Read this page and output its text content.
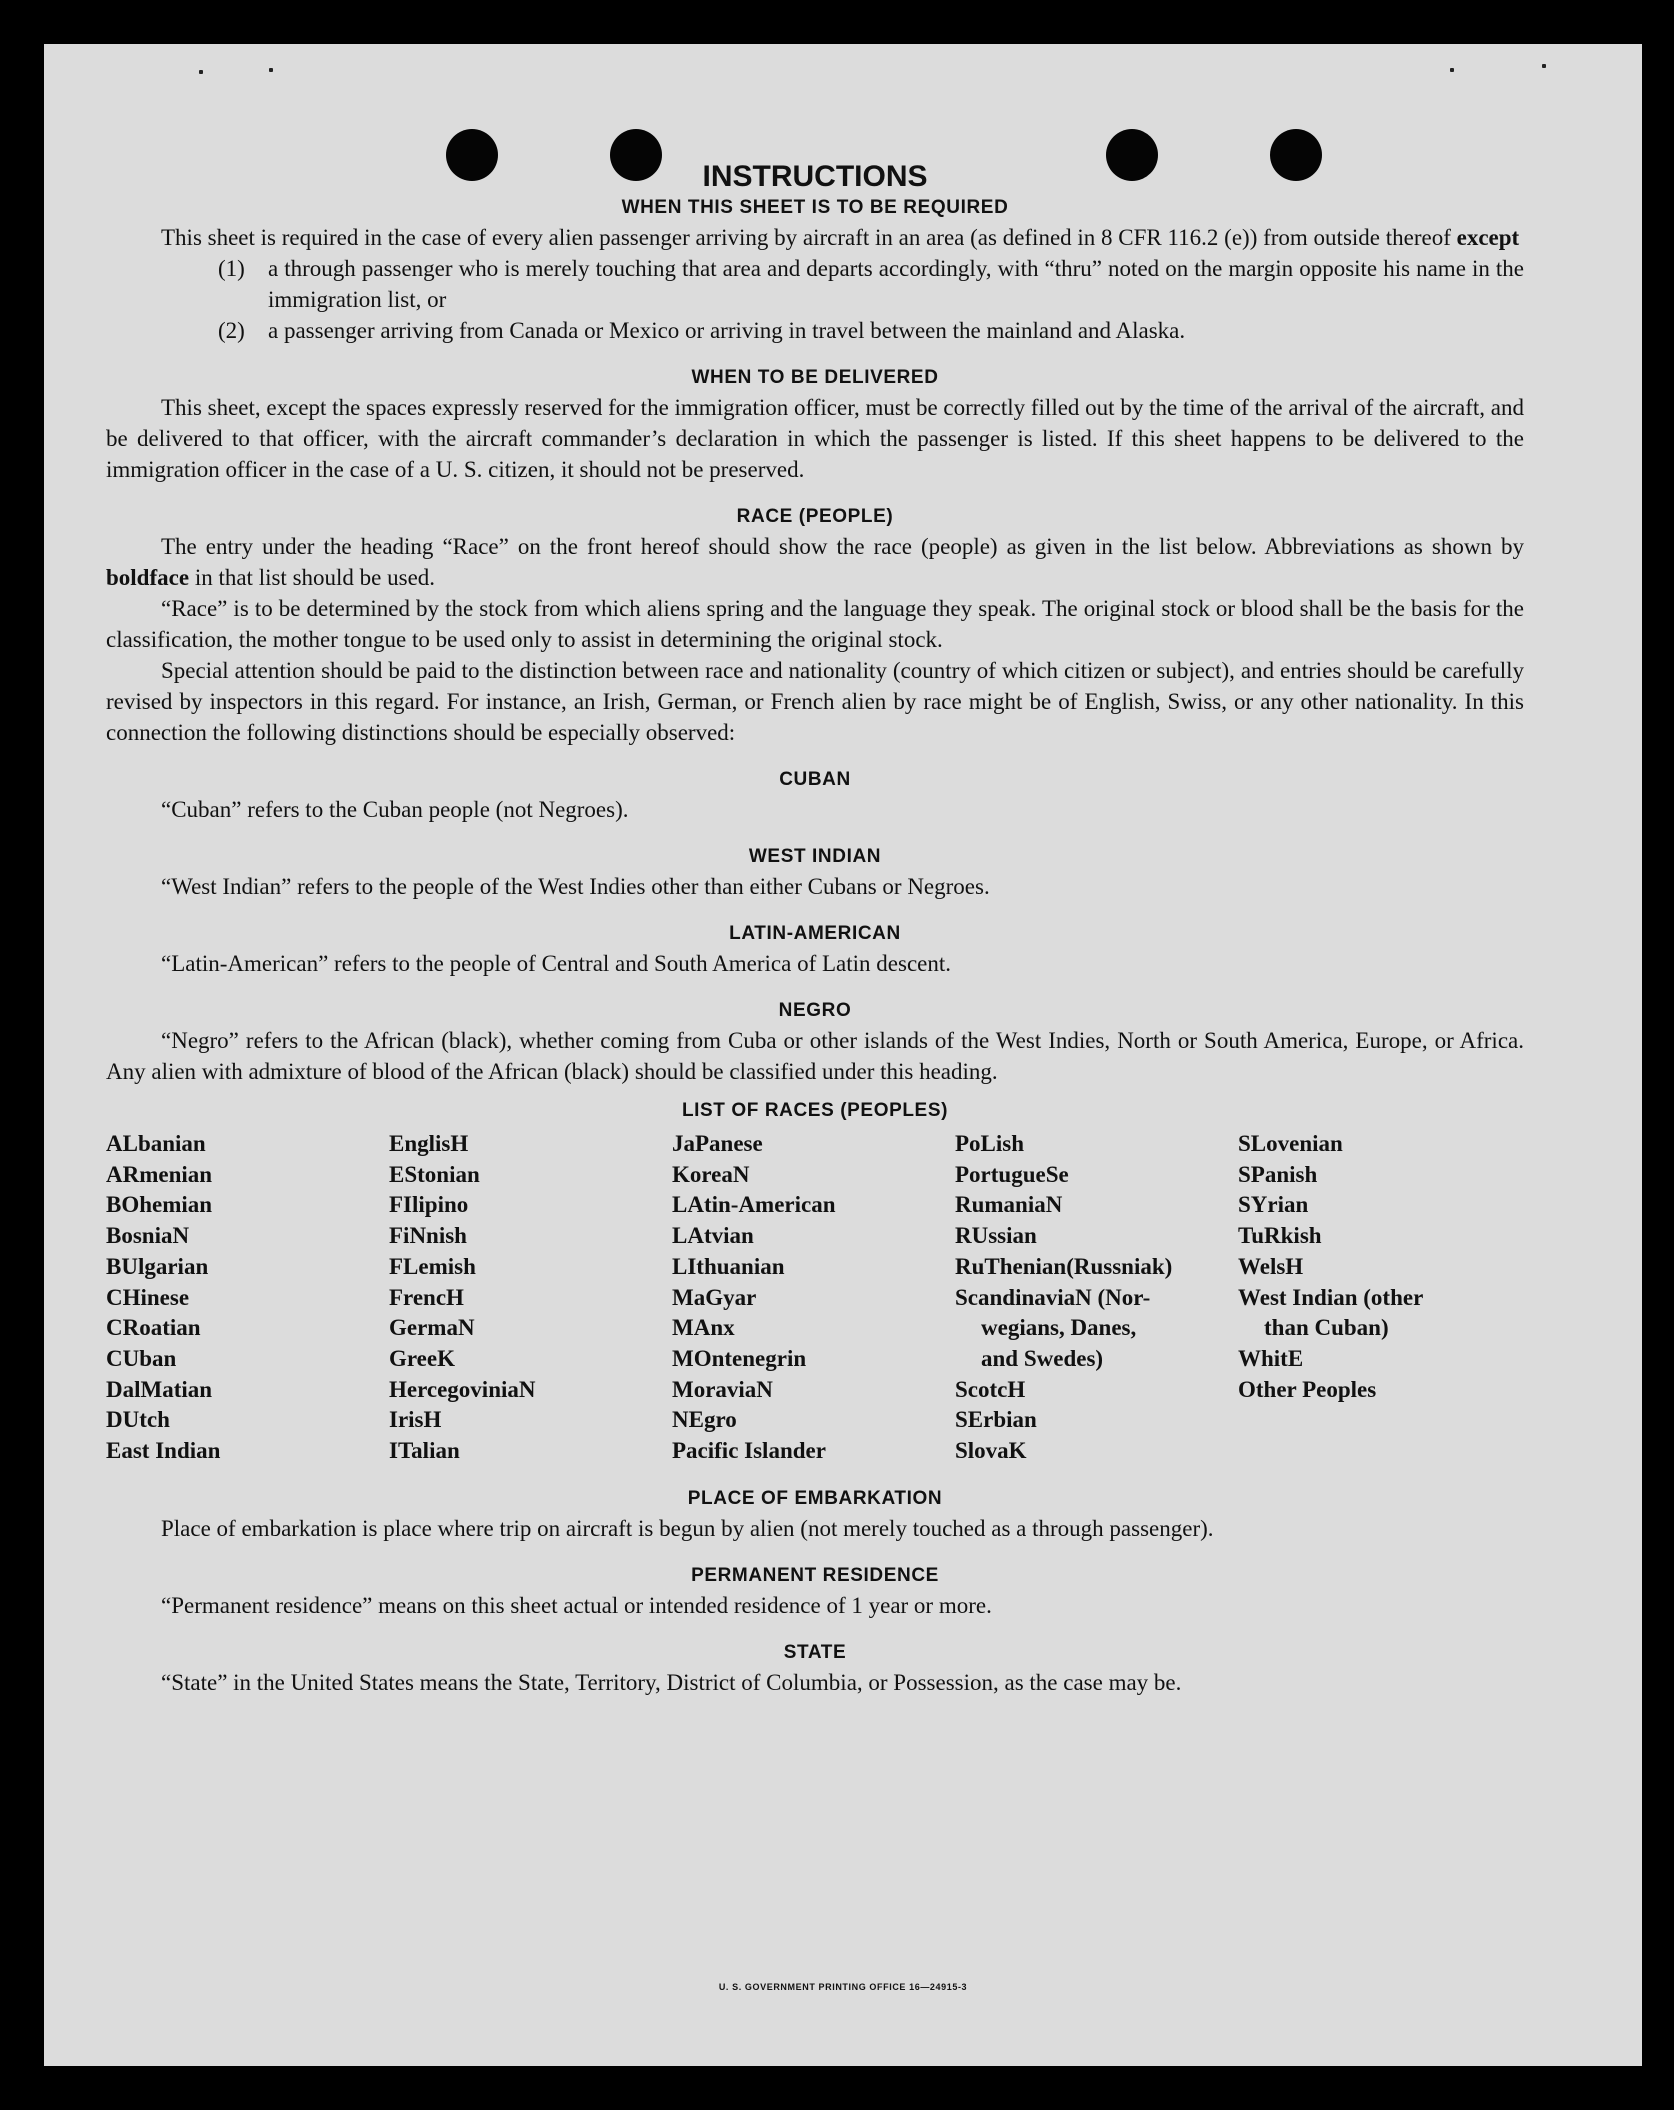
INSTRUCTIONS
WHEN THIS SHEET IS TO BE REQUIRED

This sheet is required in the case of every alien passenger arriving by aircraft in an area (as defined in 8 CFR 116.2 (e)) from outside thereof except

(1)	a through passenger who is merely touching that area and departs accordingly, with “thru” noted on the margin opposite his name in the immigration list, or
(2)	a passenger arriving from Canada or Mexico or arriving in travel between the mainland and Alaska.
WHEN TO BE DELIVERED

This sheet, except the spaces expressly reserved for the immigration officer, must be correctly filled out by the time of the arrival of the aircraft, and be delivered to that officer, with the aircraft commander’s declaration in which the passenger is listed. If this sheet happens to be delivered to the immigration officer in the case of a U. S. citizen, it should not be preserved.

RACE (PEOPLE)

The entry under the heading “Race” on the front hereof should show the race (people) as given in the list below. Abbreviations as shown by boldface in that list should be used.

“Race” is to be determined by the stock from which aliens spring and the language they speak. The original stock or blood shall be the basis for the classification, the mother tongue to be used only to assist in determining the original stock.

Special attention should be paid to the distinction between race and nationality (country of which citizen or subject), and entries should be carefully revised by inspectors in this regard. For instance, an Irish, German, or French alien by race might be of English, Swiss, or any other nationality. In this connection the following distinctions should be especially observed:

CUBAN

“Cuban” refers to the Cuban people (not Negroes).

WEST INDIAN

“West Indian” refers to the people of the West Indies other than either Cubans or Negroes.

LATIN-AMERICAN

“Latin-American” refers to the people of Central and South America of Latin descent.

NEGRO

“Negro” refers to the African (black), whether coming from Cuba or other islands of the West Indies, North or South America, Europe, or Africa. Any alien with admixture of blood of the African (black) should be classified under this heading.

LIST OF RACES (PEOPLES)
ALbanian
ARmenian
BOhemian
BosniaN
BUlgarian
CHinese
CRoatian
CUban
DalMatian
DUtch
East Indian
EnglisH
EStonian
FIlipino
FiNnish
FLemish
FrencH
GermaN
GreeK
HercegoviniaN
IrisH
ITalian
JaPanese
KoreaN
LAtin-American
LAtvian
LIthuanian
MaGyar
MAnx
MOntenegrin
MoraviaN
NEgro
Pacific Islander
PoLish
PortugueSe
RumaniaN
RUssian
RuThenian(Russniak)
ScandinaviaN (Nor-
wegians, Danes,
and Swedes)
ScotcH
SErbian
SlovaK
SLovenian
SPanish
SYrian
TuRkish
WelsH
West Indian (other
than Cuban)
WhitE
Other Peoples
PLACE OF EMBARKATION

Place of embarkation is place where trip on aircraft is begun by alien (not merely touched as a through passenger).

PERMANENT RESIDENCE

“Permanent residence” means on this sheet actual or intended residence of 1 year or more.

STATE

“State” in the United States means the State, Territory, District of Columbia, or Possession, as the case may be.

U. S. GOVERNMENT PRINTING OFFICE 16—24915-3
